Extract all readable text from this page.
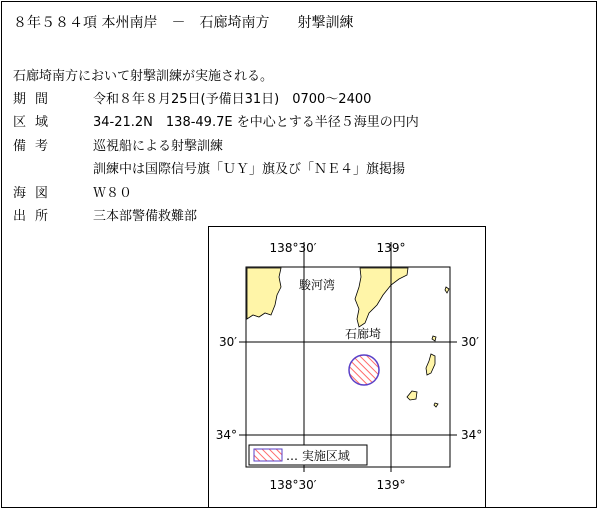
８年５８４項 本州南岸　－　石廊埼南方　　射撃訓練
石廊埼南方において射撃訓練が実施される。
期間	令和８年８月25日(予備日31日)　0700～2400
区域	34-21.2N　138-49.7E を中心とする半径５海里の円内
備考	巡視船による射撃訓練
訓練中は国際信号旗「ＵＹ」旗及び「ＮＥ４」旗掲揚
海図	Ｗ８０
出所	三本部警備救難部
138°30′	139°
138°30′	139°
30′	30′
34°	34°
駿河湾
石廊埼
… 実施区域
